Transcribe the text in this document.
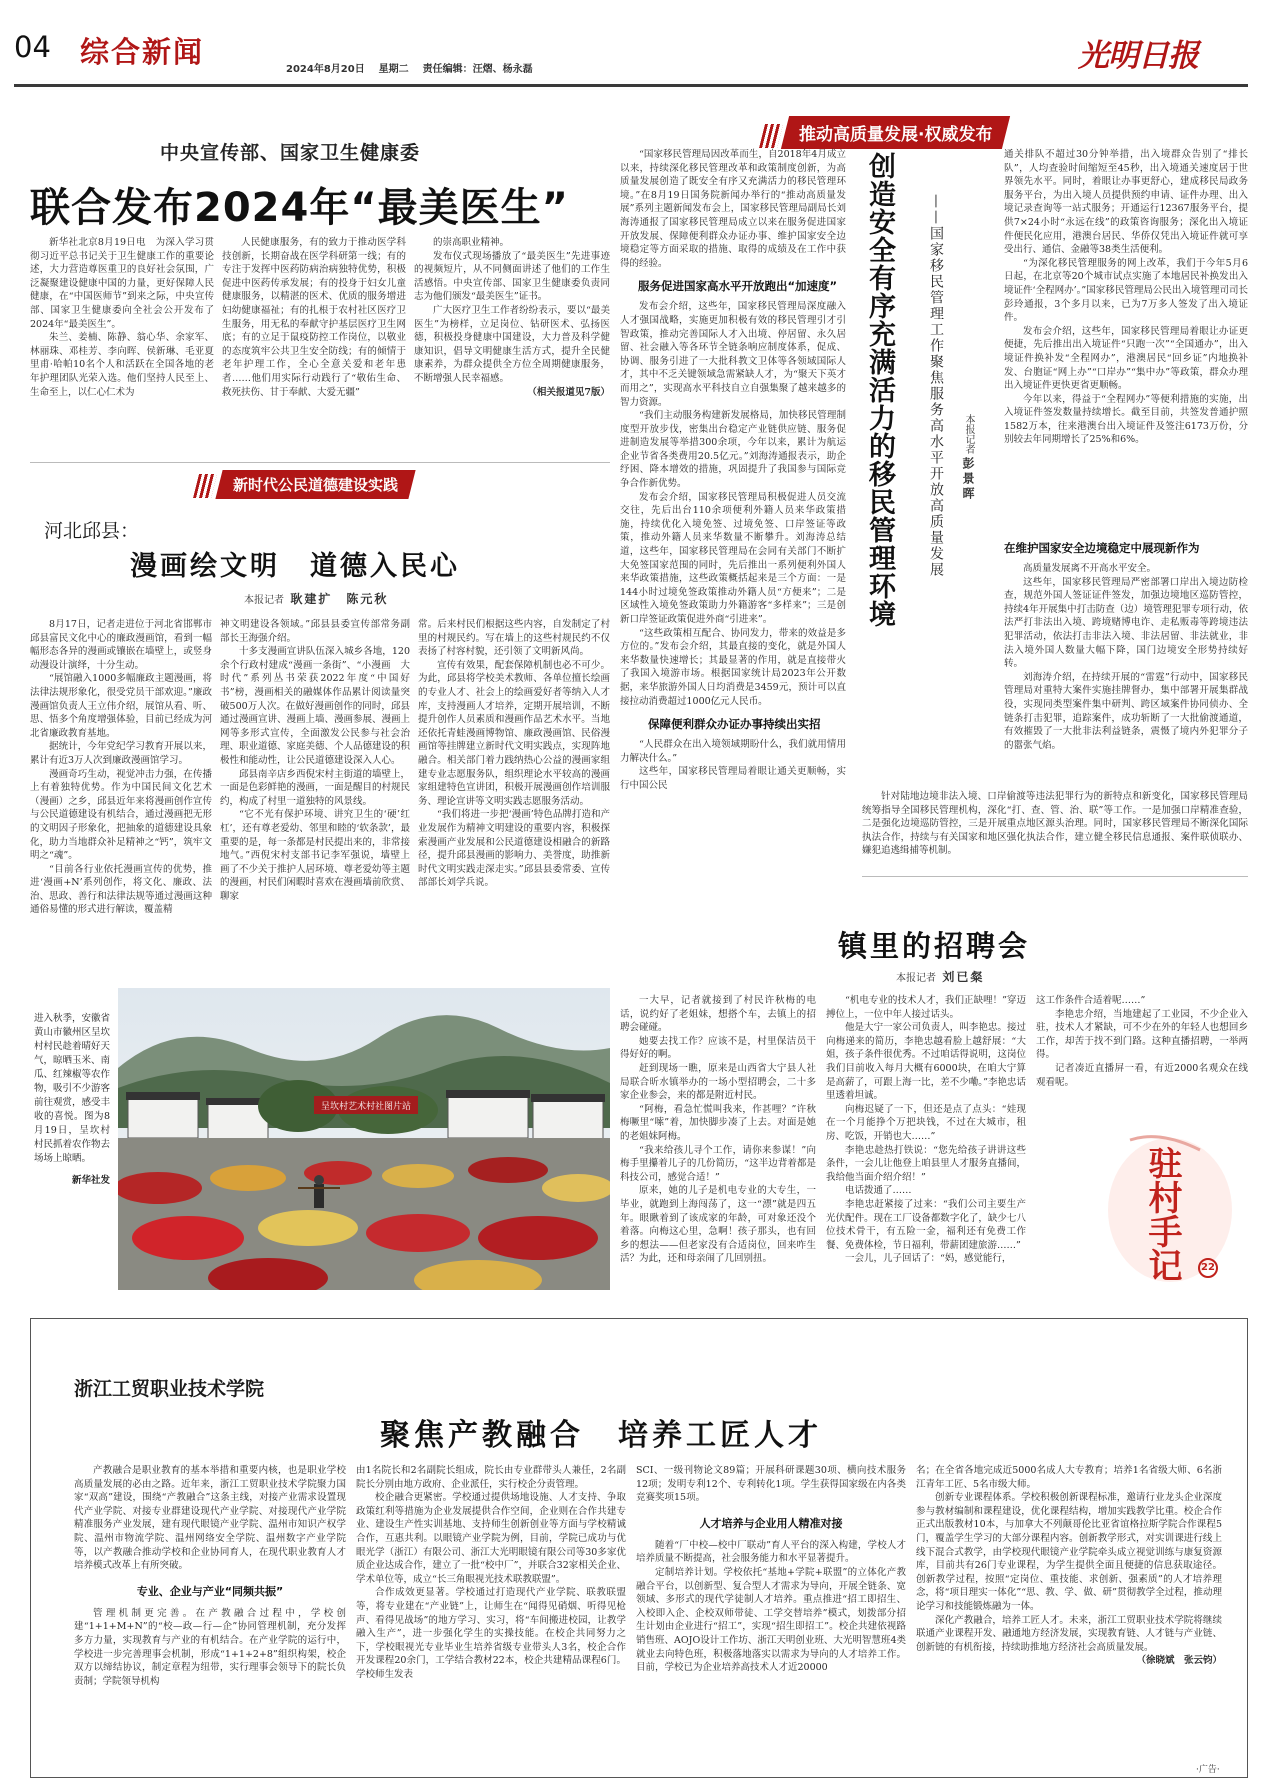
04 综合新闻
2024年8月20日 星期二 责任编辑：汪熠、杨永磊	光明日报
中央宣传部、国家卫生健康委
联合发布2024年“最美医生”

新华社北京8月19日电　为深入学习贯彻习近平总书记关于卫生健康工作的重要论述，大力营造尊医重卫的良好社会氛围，广泛凝聚建设健康中国的力量，更好保障人民健康，在“中国医师节”到来之际，中央宣传部、国家卫生健康委向全社会公开发布了2024年“最美医生”。

朱兰、姜楠、陈静、翁心华、余家军、林丽珠、邓桂芳、李向晖、侯新琳、毛亚夏里甫·哈帕10名个人和活跃在全国各地的老年护理团队光荣入选。他们坚持人民至上、生命至上，以仁心仁术为

人民健康服务，有的致力于推动医学科技创新，长期奋战在医学科研第一线；有的专注于发挥中医药防病治病独特优势，积极促进中医药传承发展；有的投身于妇女儿童健康服务，以精湛的医术、优质的服务增进妇幼健康福祉；有的扎根于农村社区医疗卫生服务，用无私的奉献守护基层医疗卫生网底；有的立足于鼠疫防控工作岗位，以敬业的态度筑牢公共卫生安全防线；有的倾情于老年护理工作，全心全意关爱和老年患者……他们用实际行动践行了“敬佑生命、救死扶伤、甘于奉献、大爱无疆”

的崇高职业精神。

发布仪式现场播放了“最美医生”先进事迹的视频短片，从不同侧面讲述了他们的工作生活感悟。中央宣传部、国家卫生健康委负责同志为他们颁发“最美医生”证书。

广大医疗卫生工作者纷纷表示，要以“最美医生”为榜样，立足岗位、钻研医术、弘扬医德，积极投身健康中国建设，大力普及科学健康知识，倡导文明健康生活方式，提升全民健康素养，为群众提供全方位全周期健康服务，不断增强人民幸福感。

（相关报道见7版）

新时代公民道德建设实践
河北邱县：
漫画绘文明　道德入民心
本报记者 耿建扩　陈元秋

8月17日，记者走进位于河北省邯郸市邱县富民文化中心的廉政漫画馆，看到一幅幅形态各异的漫画或镶嵌在墙壁上，或竖身动漫设计演绎，十分生动。

“展馆融入1000多幅廉政主题漫画，将法律法规形象化，很受党员干部欢迎。”廉政漫画馆负责人王立伟介绍，展馆从看、听、思、悟多个角度增强体验，目前已经成为河北省廉政教育基地。

据统计，今年党纪学习教育开展以来，累计有近3万人次到廉政漫画馆学习。

漫画奇巧生动，视觉冲击力强，在传播上有着独特优势。作为中国民间文化艺术（漫画）之乡，邱县近年来将漫画创作宣传与公民道德建设有机结合，通过漫画把无形的文明因子形象化，把抽象的道德建设具象化，助力当地群众补足精神之“钙”，筑牢文明之“魂”。

“目前各行业依托漫画宣传的优势，推进‘漫画+N’系列创作，将文化、廉政、法治、思政、善行和法律法规等通过漫画这种通俗易懂的形式进行解读，覆盖精

神文明建设各领域。”邱县县委宣传部常务副部长王海强介绍。

十多支漫画宣讲队伍深入城乡各地，120余个行政村建成“漫画一条街”、“小漫画　大时代”系列丛书荣获2022年度“中国好书”榜，漫画相关的融媒体作品累计阅读量突破500万人次。在做好漫画创作的同时，邱县通过漫画宣讲、漫画上墙、漫画参展、漫画上网等多形式宣传，全面激发公民参与社会治理、职业道德、家庭美德、个人品德建设的积极性和能动性，让公民道德建设深入人心。

邱县南辛店乡西倪宋村主街道的墙壁上，一面是色彩鲜艳的漫画，一面是醒目的村规民约，构成了村里一道独特的风景线。

“它不光有保护环境、讲究卫生的‘硬’红杠’，还有尊老爱幼、邻里和睦的‘软条款’，最重要的是，每一条都是村民提出来的，非常接地气。”西倪宋村支部书记李军强说，墙壁上画了不少关于推护人居环境、尊老爱幼等主题的漫画，村民们闲暇时喜欢在漫画墙前欣赏、聊家

常。后来村民们根据这些内容，自发制定了村里的村规民约。写在墙上的这些村规民约不仅表扬了村容村貌，还引领了文明新风尚。

宣传有效果，配套保障机制也必不可少。为此，邱县将学校美术教师、各单位擅长绘画的专业人才、社会上的绘画爱好者等纳入人才库，支持漫画人才培养，定期开展培训，不断提升创作人员素质和漫画作品艺术水平。当地还依托青蛙漫画博物馆、廉政漫画馆、民俗漫画馆等挂牌建立新时代文明实践点，实现阵地融合。相关部门着力践纳热心公益的漫画家组建专业志愿服务队，组织理论水平较高的漫画家组建特色宣讲团，积极开展漫画创作培训服务、理论宣讲等文明实践志愿服务活动。

“我们将进一步把‘漫画’特色品牌打造和产业发展作为精神文明建设的重要内容，积极探索漫画产业发展和公民道德建设相融合的新路径，提升邱县漫画的影响力、美誉度，助推新时代文明实践走深走实。”邱县县委常委、宣传部部长刘学兵说。

推动高质量发展·权威发布

“国家移民管理局因改革而生，自2018年4月成立以来，持续深化移民管理改革和政策制度创新，为高质量发展创造了既安全有序又充满活力的移民管理环境。”在8月19日国务院新闻办举行的“推动高质量发展”系列主题新闻发布会上，国家移民管理局副局长刘海涛通报了国家移民管理局成立以来在服务促进国家开放发展、保障便利群众办证办事、维护国家安全边境稳定等方面采取的措施、取得的成绩及在工作中获得的经验。

服务促进国家高水平开放跑出“加速度”

发布会介绍，这些年，国家移民管理局深度融入人才强国战略，实施更加积极有效的移民管理引才引智政策，推动完善国际人才入出境、停居留、永久居留、社会融入等各环节全链条响应制度体系，促成、协调、服务引进了一大批科教文卫体等各领域国际人才，其中不乏关键领域急需紧缺人才，为“聚天下英才而用之”，实现高水平科技自立自强集聚了越来越多的智力资源。

“我们主动服务构建新发展格局，加快移民管理制度型开放步伐，密集出台稳定产业链供应链、服务促进制造发展等举措300余项，今年以来，累计为航运企业节省各类费用20.5亿元。”刘海涛通报表示，助企纾困、降本增效的措施，巩固提升了我国参与国际竞争合作新优势。

发布会介绍，国家移民管理局积极促进人员交流交往，先后出台110余项便利外籍人员来华政策措施，持续优化入境免签、过境免签、口岸签证等政策，推动外籍人员来华数量不断攀升。刘海涛总结道，这些年，国家移民管理局在会同有关部门不断扩大免签国家范围的同时，先后推出一系列便利外国人来华政策措施，这些政策概括起来是三个方面：一是144小时过境免签政策推动外籍人员“方便来”；二是区域性入境免签政策助力外籍游客“多样来”；三是创新口岸签证政策促进外商“引进来”。

“这些政策相互配合、协同发力，带来的效益是多方位的。”发布会介绍，其最直接的变化，就是外国人来华数量快速增长；其最显著的作用，就是直接带火了我国入境游市场。根据国家统计局2023年公开数据，来华旅游外国人日均消费是3459元，预计可以直接拉动消费超过1000亿元人民币。

保障便利群众办证办事持续出实招

“人民群众在出入境领域期盼什么，我们就用情用力解决什么。”

这些年，国家移民管理局着眼让通关更顺畅，实行中国公民

创造安全有序充满活力的移民管理环境 ——国家移民管理工作聚焦服务高水平开放高质量发展	本报记者 彭景晖

通关排队不超过30分钟举措，出入境群众告别了“排长队”，人均查验时间缩短至45秒，出入境通关速度居于世界领先水平。同时，着眼让办事更舒心，建成移民局政务服务平台，为出入境人员提供预约申请、证件办理、出入境记录查询等一站式服务；开通运行12367服务平台，提供7×24小时“永远在线”的政策咨询服务；深化出入境证件便民化应用，港澳台居民、华侨仅凭出入境证件就可享受出行、通信、金融等38类生活便利。

“为深化移民管理服务的网上改革，我们于今年5月6日起，在北京等20个城市试点实施了本地居民补换发出入境证件‘全程网办’。”国家移民管理局公民出入境管理司司长彭玲通报，3个多月以来，已为7万多人签发了出入境证件。

发布会介绍，这些年，国家移民管理局着眼让办证更便捷，先后推出出入境证件“只跑一次”“全国通办”，出入境证件换补发“全程网办”，港澳居民“回乡证”内地换补发、台胞证“网上办”“口岸办”“集中办”等政策，群众办理出入境证件更快更省更顺畅。

今年以来，得益于“全程网办”等便利措施的实施，出入境证件签发数量持续增长。截至目前，共签发普通护照1582万本，往来港澳台出入境证件及签注6173万份，分别较去年同期增长了25%和6%。

在维护国家安全边境稳定中展现新作为

高质量发展离不开高水平安全。

这些年，国家移民管理局严密部署口岸出入境边防检查，规范外国人签证证件签发，加强边境地区巡防管控，持续4年开展集中打击防查（边）境管理犯罪专项行动，依法严打非法出入境、跨境赌博电诈、走私贩毒等跨境违法犯罪活动，依法打击非法入境、非法居留、非法就业，非法入境外国人数量大幅下降，国门边境安全形势持续好转。

刘海涛介绍，在持续开展的“雷霆”行动中，国家移民管理局对重特大案件实施挂牌督办，集中部署开展集群战役，实现同类型案件集中研判、跨区域案件协同侦办、全链条打击犯罪，追踪案件，成功斩断了一大批偷渡通道，有效摧毁了一大批非法利益链条，震慑了境内外犯罪分子的嚣张气焰。

针对陆地边境非法入境、口岸偷渡等违法犯罪行为的新特点和新变化，国家移民管理局统筹指导全国移民管理机构，深化“打、查、管、治、联”等工作。一是加强口岸精准查验，二是强化边境巡防管控，三是开展重点地区源头治理。同时，国家移民管理局不断深化国际执法合作，持续与有关国家和地区强化执法合作，建立健全移民信息通报、案件联侦联办、嫌犯追逃缉捕等机制。

进入秋季，安徽省黄山市徽州区呈坎村村民趁着晴好天气，晾晒玉米、南瓜、红辣椒等农作物，吸引不少游客前往观赏，感受丰收的喜悦。图为8月19日，呈坎村村民抓着农作物去场场上晾晒。
新华社发
呈坎村艺术村社图片站
镇里的招聘会
本报记者 刘已粲

一大早，记者就接到了村民许秋梅的电话，说约好了老姐妹，想搭个车，去镇上的招聘会碰碰。

她要去找工作？应该不是，村里保洁员干得好好的啊。

赶到现场一瞧，原来是山西省大宁县人社局联合昕水镇举办的一场小型招聘会，二十多家企业参会，来的都是附近村民。

“阿梅，看急忙慌叫我来，作甚哩？”许秋梅噘里“嗦”着，加快脚步凑了上去。对面是她的老姐妹阿梅。

“我来给孩儿寻个工作，请你来参谋！”向梅手里攥着儿子的几份简历，“这半边背着都是科技公司，感觉合适！”

原来，她的儿子是机电专业的大专生，一毕业，就跑到上海闯荡了，这一“漂”就是四五年。眼瞅着到了该成家的年龄，可对象还没个着落。向梅这心里，急啊！孩子那头，也有回乡的想法——但老家没有合适岗位，回来咋生活？为此，还和母亲闹了几回别扭。

“机电专业的技术人才，我们正缺哩！”穿迈搏位上，一位中年人接过话头。

他是大宁一家公司负责人，叫李艳忠。接过向梅递来的简历，李艳忠越看脸上越舒展：“大姐，孩子条件很优秀。不过咱话得说明，这岗位我们目前收入每月大概有6000块，在咱大宁算是高薪了，可跟上海一比，差不少嘞。”李艳忠话里透着坦诚。

向梅迟疑了一下，但还是点了点头：“娃现在一个月能挣个万把块钱，不过在大城市，租房、吃饭，开销也大……”

李艳忠趁热打铁说：“您先给孩子讲讲这些条件，一会儿让他登上咱县里人才服务直播间，我给他当面介绍介绍！”

电话拨通了……

李艳忠赶紧接了过来：“我们公司主要生产光伏配件。现在工厂设备都数字化了，缺少七八位技术骨干，有五险一金，福利还有免费工作餐、免费体检，节日福利，带薪团建旅游……”

一会儿，儿子回话了：“妈，感觉能行，

这工作条件合适着呢……”

李艳忠介绍，当地建起了工业园，不少企业入驻，技术人才紧缺，可不少在外的年轻人也想回乡工作，却苦于找不到门路。这种直播招聘，一举两得。

记者凑近直播屏一看，有近2000名观众在线观看呢。

驻村手记	22
浙江工贸职业技术学院
聚焦产教融合　培养工匠人才

产教融合是职业教育的基本举措和重要内核，也是职业学校高质量发展的必由之路。近年来，浙江工贸职业技术学院聚力国家“双高”建设，围绕“产教融合”这条主线，对接产业需求设置现代产业学院、对接专业群建设现代产业学院、对接现代产业学院精准服务产业发展，建有现代眼镜产业学院、温州市知识产权学院、温州市物流学院、温州网络安全学院、温州数字产业学院等，以产教融合推动学校和企业协同育人，在现代职业教育人才培养模式改革上有所突破。

专业、企业与产业“同频共振”

管理机制更完善。在产教融合过程中，学校创建“1+1+M+N”的“校—政—行—企”协同管理机制，充分发挥多方力量，实现教育与产业的有机结合。在产业学院的运行中，学校进一步完善理事会机制，形成“1+1+2+8”组织构架，校企双方以缔结协议，制定章程为纽带，实行理事会领导下的院长负责制；学院领导机构

由1名院长和2名副院长组成，院长由专业群带头人兼任，2名副院长分别由地方政府、企业派任，实行校企分责管理。

校企融合更紧密。学校通过提供场地设施、人才支持、争取政策红利等措施为企业发展提供合作空间，企业则在合作共建专业、建设生产性实训基地、支持师生创新创业等方面与学校精诚合作，互惠共利。以眼镜产业学院为例，目前，学院已成功与优眼光学（浙江）有限公司、浙江大光明眼镜有限公司等30多家优质企业达成合作，建立了一批“校中厂”，并联合32家相关企业、学术单位等，成立“长三角眼视光技术联教联盟”。

合作成效更显著。学校通过打造现代产业学院、联教联盟等，将专业建在“产业链”上，让师生在“闻得见硝烟、听得见枪声、看得见战场”的地方学习、实习，将“车间搬进校园，让教学融入生产”，进一步强化学生的实操技能。在校企共同努力之下，学校眼视光专业毕业生培养省级专业带头人3名，校企合作开发课程20余门，工学结合教材22本，校企共建精品课程6门。学校师生发表

SCI、一级刊物论文89篇；开展科研课题30项、横向技术服务12项；发明专利12个、专利转化1项。学生获得国家级在内各类竞赛奖项15项。

人才培养与企业用人精准对接

随着“厂中校—校中厂联动”育人平台的深入构建，学校人才培养质量不断提高，社会服务能力和水平显著提升。

定制培养计划。学校依托“基地+学院+联盟”的立体化产教融合平台，以创新型、复合型人才需求为导向，开展全链条、宽领域、多形式的现代学徒制人才培养。重点推进“招工即招生、入校即入企、企校双师带徒、工学交替培养”模式，划拨部分招生计划由企业进行“招工”，实现“招生即招工”。校企共建依视路销售班、AOJO设计工作坊、浙江天明创业班、大光明智慧班4类就业去向特色班，积极落地落实以需求为导向的人才培养工作。目前，学校已为企业培养高技术人才近20000

名；在全省各地完成近5000名成人大专教育；培养1名省级大师、6名浙江青年工匠、5名市级大师。

创新专业课程体系。学校积极创新课程标准，邀请行业龙头企业深度参与教材编制和课程建设，优化课程结构，增加实践教学比重。校企合作正式出版教材10本，与加拿大不列颠哥伦比亚省谊格拉斯学院合作课程5门，覆盖学生学习的大部分课程内容。创新教学形式，对实训课进行线上线下混合式教学，由学校现代眼镜产业学院牵头成立视觉训练与康复资源库，目前共有26门专业课程，为学生提供全面且便捷的信息获取途径。创新教学过程，按照“定岗位、重技能、求创新、强素质”的人才培养理念，将“项目理实一体化”“思、教、学、做、研”贯彻教学全过程，推动理论学习和技能锻炼融为一体。

深化产教融合，培养工匠人才。未来，浙江工贸职业技术学院将继续联通产业课程开发、融通地方经济发展，实现教育链、人才链与产业链、创新链的有机衔接，持续助推地方经济社会高质量发展。

（徐晓斌　张云钧）

·广告·
